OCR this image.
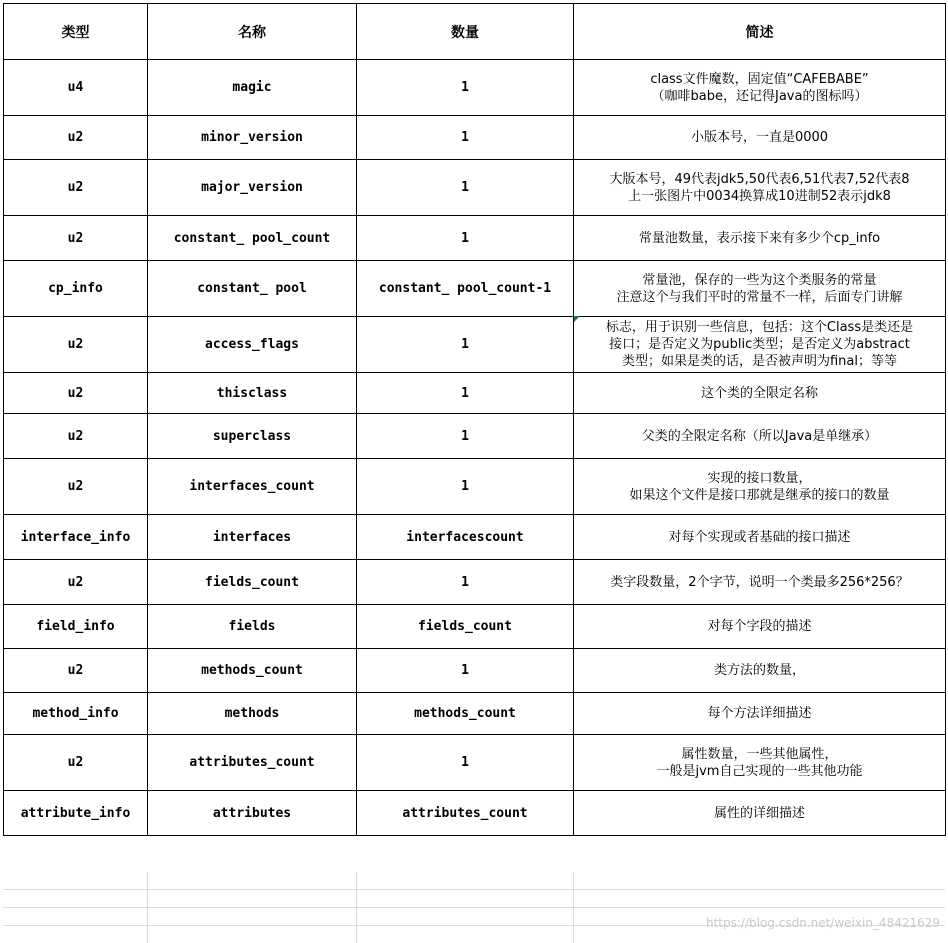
类型	名称	数量	简述
u4	magic	1	class文件魔数，固定值“CAFEBABE”
（咖啡babe，还记得Java的图标吗）
u2	minor_version	1	小版本号，一直是0000
u2	major_version	1	大版本号，49代表jdk5,50代表6,51代表7,52代表8
上一张图片中0034换算成10进制52表示jdk8
u2	constant_ pool_count	1	常量池数量，表示接下来有多少个cp_info
cp_info	constant_ pool	constant_ pool_count-1	常量池，保存的一些为这个类服务的常量
注意这个与我们平时的常量不一样，后面专门讲解
u2	access_flags	1	标志，用于识别一些信息，包括：这个Class是类还是
接口；是否定义为public类型；是否定义为abstract
类型；如果是类的话，是否被声明为final；等等
u2	thisclass	1	这个类的全限定名称
u2	superclass	1	父类的全限定名称（所以Java是单继承）
u2	interfaces_count	1	实现的接口数量，
如果这个文件是接口那就是继承的接口的数量
interface_info	interfaces	interfacescount	对每个实现或者基础的接口描述
u2	fields_count	1	类字段数量，2个字节，说明一个类最多256*256？
field_info	fields	fields_count	对每个字段的描述
u2	methods_count	1	类方法的数量，
method_info	methods	methods_count	每个方法详细描述
u2	attributes_count	1	属性数量，一些其他属性，
一般是jvm自己实现的一些其他功能
attribute_info	attributes	attributes_count	属性的详细描述
https://blog.csdn.net/weixin_48421629
